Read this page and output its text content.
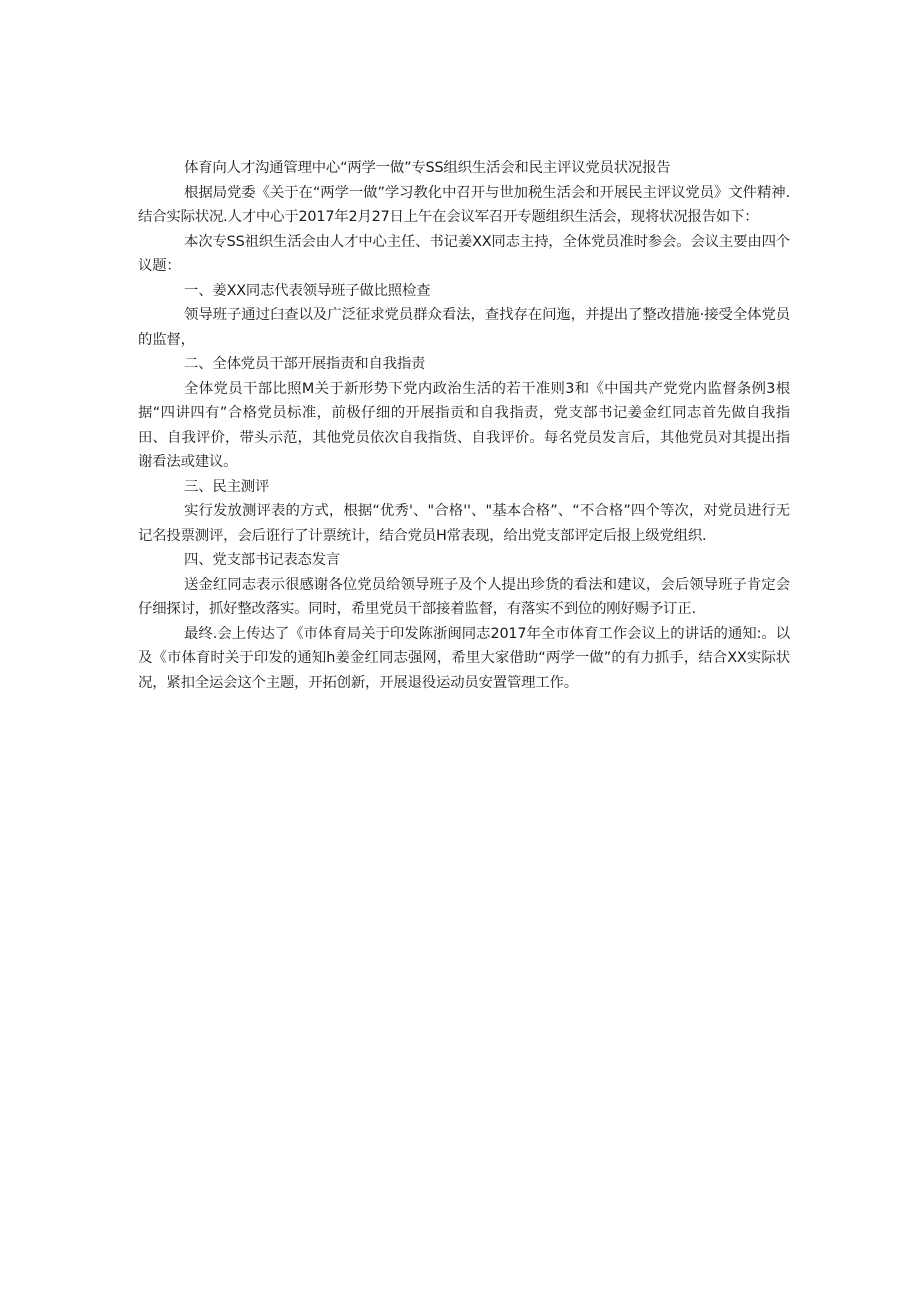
体育向人才沟通管理中心“两学一做”专SS组织生活会和民主评议党员状况报告

根据局党委《关于在“两学一做”学习教化中召开与世加税生活会和开展民主评议党员》文件精神.结合实际状况.人才中心于2017年2月27日上午在会议军召开专题组织生活会，现将状况报告如下：

本次专SS祖织生活会由人才中心主任、书记姜XX同志主持，全体党员准时参会。会议主要由四个议题：

一、姜XX同志代表领导班子做比照检查

领导班子通过臼查以及广泛征求党员群众看法，查找存在问迤，并提出了整改措施·接受全体党员的监督，

二、全体党员干部开展指责和自我指责

全体党员干部比照M关于新形势下党内政治生活的若干准则3和《中国共产党党内监督条例3根据“四讲四有”合格党员标准，前极仔细的开展指贡和自我指责，党支部书记姜金红同志首先做自我指田、自我评价，带头示范，其他党员依次自我指货、自我评价。每名党员发言后，其他党员对其提出指谢看法或建议。

三、民主测评

实行发放测评表的方式，根据“优秀'、"合格''、"基本合格”、“不合格”四个等次，对党员进行无记名投票测评，会后诳行了计票统计，结合党员H常表现，给出党支部评定后报上级党组织.

四、党支部书记表态发言

送金红同志表示很感谢各位党员给领导班子及个人提出珍货的看法和建议，会后领导班子肯定会仔细探讨，抓好整改落实。同时，希里党员干部接着监督，有落实不到位的刚好赐予订正.

最终.会上传达了《市体育局关于印发陈浙闽同志2017年全市体育工作会议上的讲话的通知:。以及《市体育时关于印发的通知h姜金红同志强网，希里大家借助“两学一做”的有力抓手，结合XX实际状况，紧扣全运会这个主题，开拓创新，开展退役运动员安置管理工作。
